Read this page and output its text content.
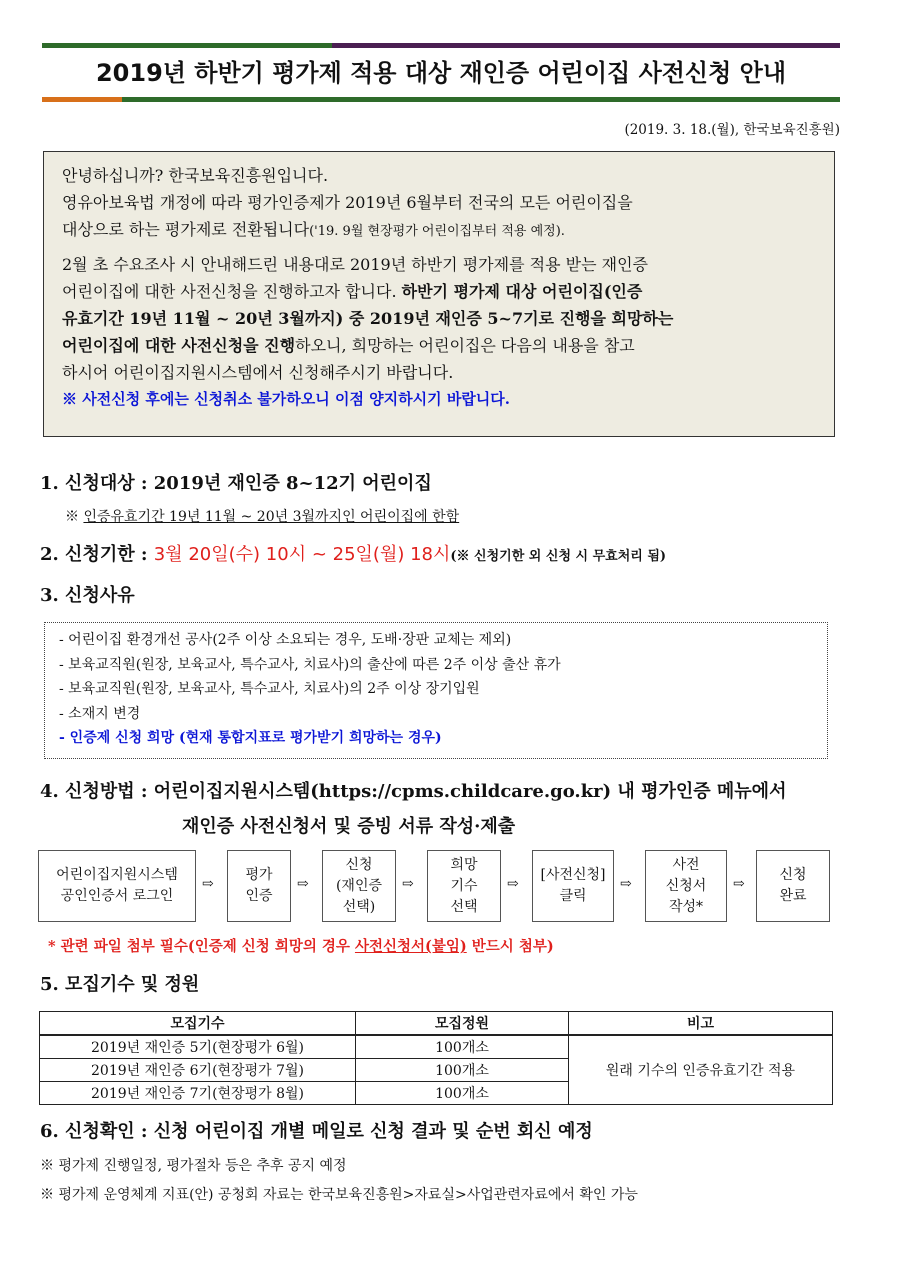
2019년 하반기 평가제 적용 대상 재인증 어린이집 사전신청 안내
(2019. 3. 18.(월), 한국보육진흥원)

안녕하십니까? 한국보육진흥원입니다.

영유아보육법 개정에 따라 평가인증제가 2019년 6월부터 전국의 모든 어린이집을

대상으로 하는 평가제로 전환됩니다('19. 9월 현장평가 어린이집부터 적용 예정).

2월 초 수요조사 시 안내해드린 내용대로 2019년 하반기 평가제를 적용 받는 재인증

어린이집에 대한 사전신청을 진행하고자 합니다. 하반기 평가제 대상 어린이집(인증

유효기간 19년 11월 ~ 20년 3월까지) 중 2019년 재인증 5~7기로 진행을 희망하는

어린이집에 대한 사전신청을 진행하오니, 희망하는 어린이집은 다음의 내용을 참고

하시어 어린이집지원시스템에서 신청해주시기 바랍니다.

※ 사전신청 후에는 신청취소 불가하오니 이점 양지하시기 바랍니다.

1. 신청대상 : 2019년 재인증 8~12기 어린이집
※ 인증유효기간 19년 11월 ~ 20년 3월까지인 어린이집에 한함
2. 신청기한 : 3월 20일(수) 10시 ~ 25일(월) 18시(※ 신청기한 외 신청 시 무효처리 됨)
3. 신청사유
- 어린이집 환경개선 공사(2주 이상 소요되는 경우, 도배·장판 교체는 제외)
- 보육교직원(원장, 보육교사, 특수교사, 치료사)의 출산에 따른 2주 이상 출산 휴가
- 보육교직원(원장, 보육교사, 특수교사, 치료사)의 2주 이상 장기입원
- 소재지 변경
- 인증제 신청 희망 (현재 통합지표로 평가받기 희망하는 경우)
4. 신청방법 : 어린이집지원시스템(https://cpms.childcare.go.kr) 내 평가인증 메뉴에서
재인증 사전신청서 및 증빙 서류 작성·제출
어린이집지원시스템
공인인증서 로그인
⇨
평가
인증
⇨
신청
(재인증
선택)
⇨
희망
기수
선택
⇨
[사전신청]
클릭
⇨
사전
신청서
작성*
⇨
신청
완료
* 관련 파일 첨부 필수(인증제 신청 희망의 경우 사전신청서(붙임) 반드시 첨부)
5. 모집기수 및 정원
모집기수	모집정원	비고
2019년 재인증 5기(현장평가 6월)	100개소	원래 기수의 인증유효기간 적용
2019년 재인증 6기(현장평가 7월)	100개소	
2019년 재인증 7기(현장평가 8월)	100개소	
6. 신청확인 : 신청 어린이집 개별 메일로 신청 결과 및 순번 회신 예정
※ 평가제 진행일정, 평가절차 등은 추후 공지 예정
※ 평가제 운영체계 지표(안) 공청회 자료는 한국보육진흥원>자료실>사업관련자료에서 확인 가능
